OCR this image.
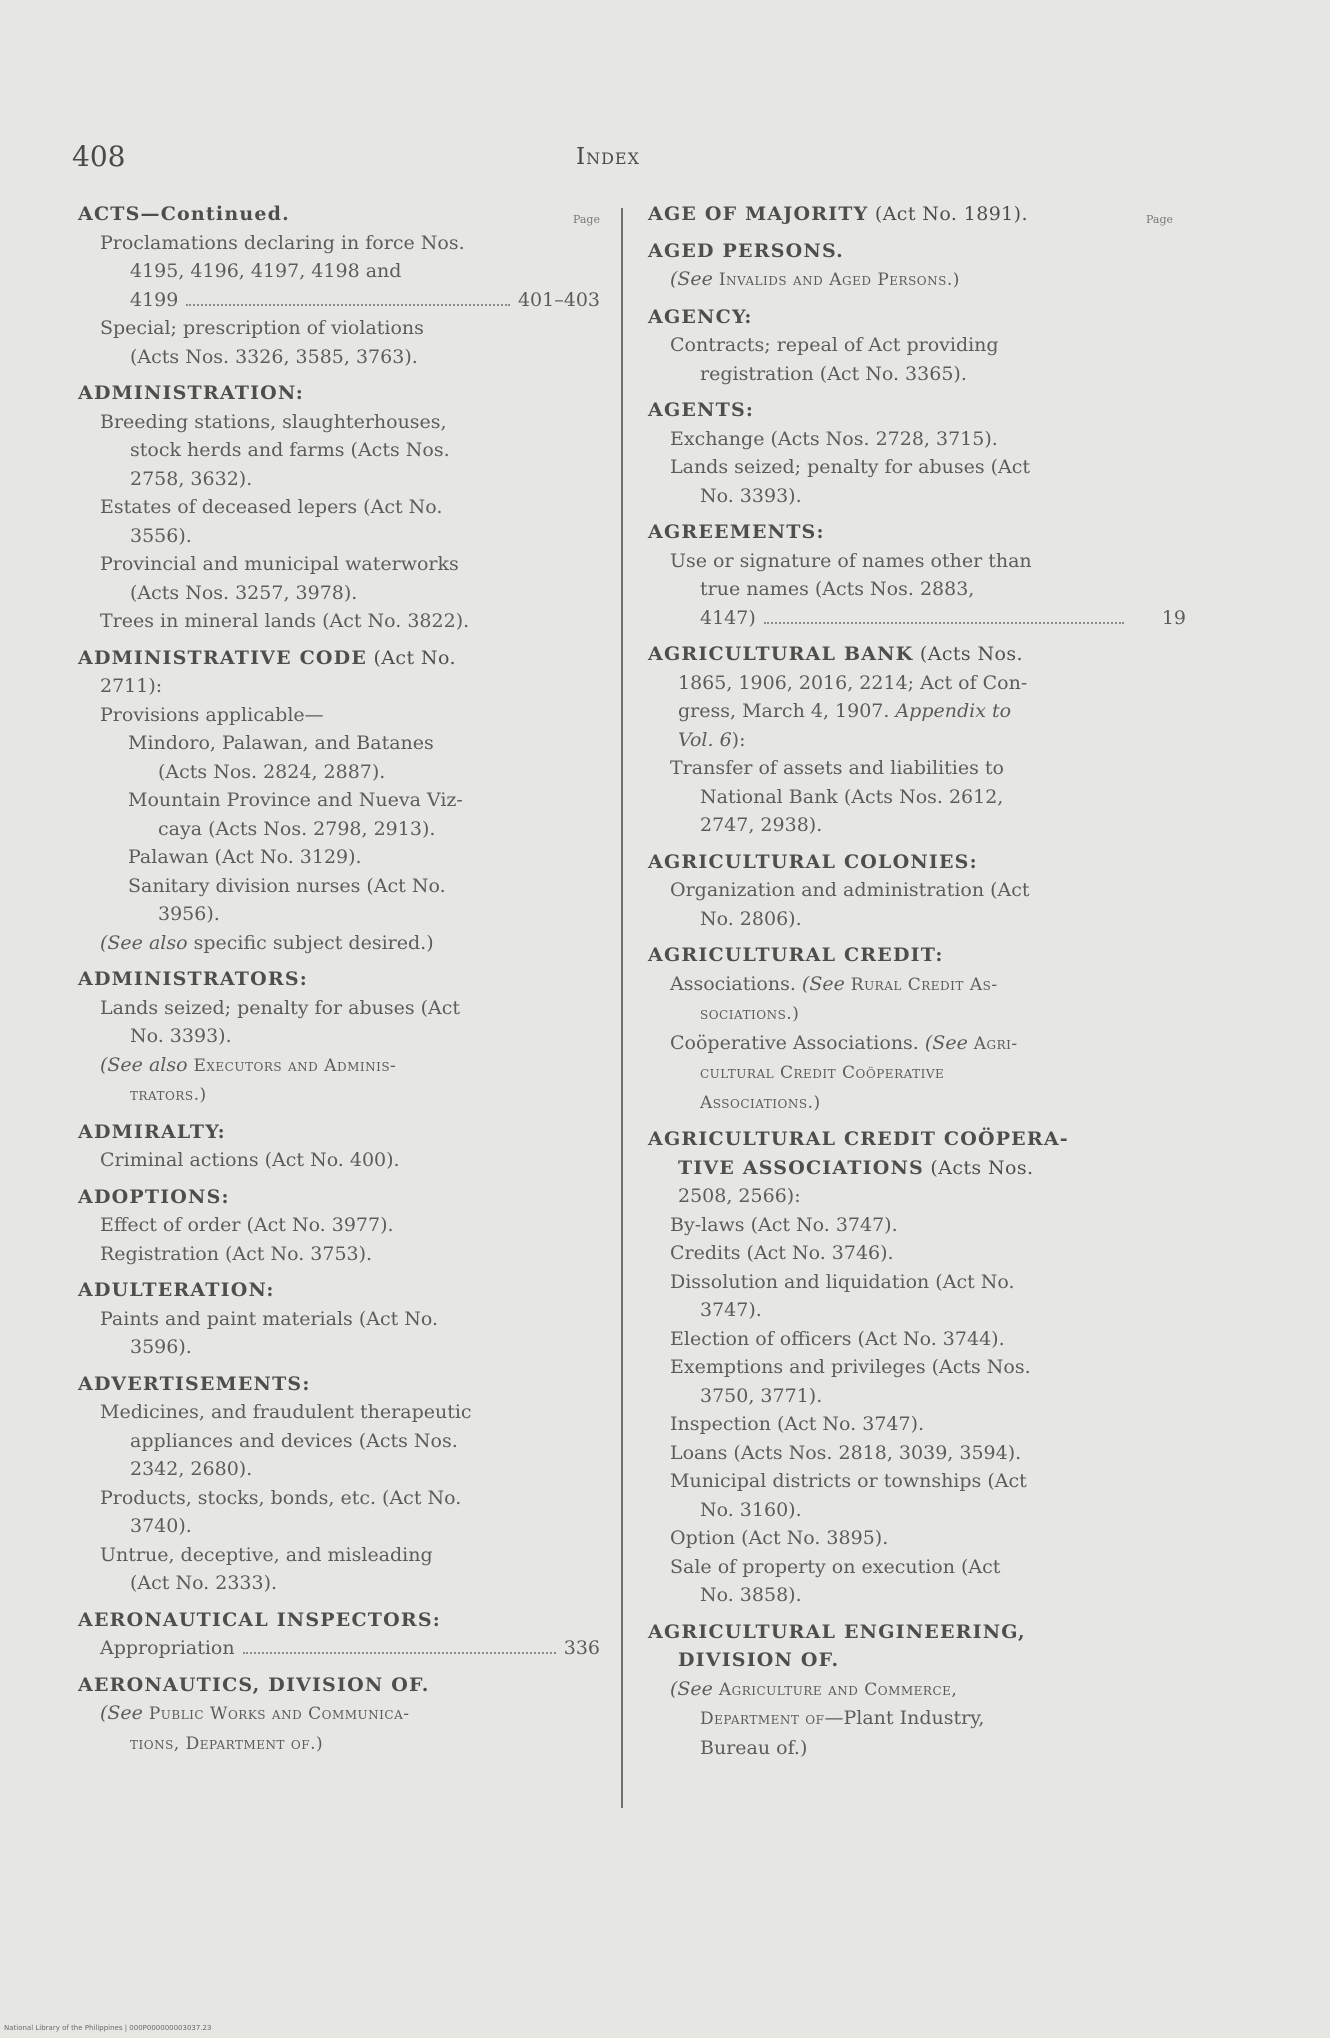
408	Index
Page
ACTS—Continued.
Proclamations declaring in force Nos.
4195, 4196, 4197, 4198 and
4199	401–403
Special; prescription of violations
(Acts Nos. 3326, 3585, 3763).
ADMINISTRATION:
Breeding stations, slaughterhouses,
stock herds and farms (Acts Nos.
2758, 3632).
Estates of deceased lepers (Act No.
3556).
Provincial and municipal waterworks
(Acts Nos. 3257, 3978).
Trees in mineral lands (Act No. 3822).
ADMINISTRATIVE CODE (Act No.
2711):
Provisions applicable—
Mindoro, Palawan, and Batanes
(Acts Nos. 2824, 2887).
Mountain Province and Nueva Viz-
caya (Acts Nos. 2798, 2913).
Palawan (Act No. 3129).
Sanitary division nurses (Act No.
3956).
(See also specific subject desired.)
ADMINISTRATORS:
Lands seized; penalty for abuses (Act
No. 3393).
(See also Executors and Adminis-
trators.)
ADMIRALTY:
Criminal actions (Act No. 400).
ADOPTIONS:
Effect of order (Act No. 3977).
Registration (Act No. 3753).
ADULTERATION:
Paints and paint materials (Act No.
3596).
ADVERTISEMENTS:
Medicines, and fraudulent therapeutic
appliances and devices (Acts Nos.
2342, 2680).
Products, stocks, bonds, etc. (Act No.
3740).
Untrue, deceptive, and misleading
(Act No. 2333).
AERONAUTICAL INSPECTORS:
Appropriation	336
AERONAUTICS, DIVISION OF.
(See Public Works and Communica-
tions, Department of.)
Page
AGE OF MAJORITY (Act No. 1891).
AGED PERSONS.
(See Invalids and Aged Persons.)
AGENCY:
Contracts; repeal of Act providing
registration (Act No. 3365).
AGENTS:
Exchange (Acts Nos. 2728, 3715).
Lands seized; penalty for abuses (Act
No. 3393).
AGREEMENTS:
Use or signature of names other than
true names (Acts Nos. 2883,
4147)	19
AGRICULTURAL BANK (Acts Nos.
1865, 1906, 2016, 2214; Act of Con-
gress, March 4, 1907. Appendix to
Vol. 6):
Transfer of assets and liabilities to
National Bank (Acts Nos. 2612,
2747, 2938).
AGRICULTURAL COLONIES:
Organization and administration (Act
No. 2806).
AGRICULTURAL CREDIT:
Associations. (See Rural Credit As-
sociations.)
Coöperative Associations. (See Agri-
cultural Credit Coöperative
Associations.)
AGRICULTURAL CREDIT COÖPERA-
TIVE ASSOCIATIONS (Acts Nos.
2508, 2566):
By-laws (Act No. 3747).
Credits (Act No. 3746).
Dissolution and liquidation (Act No.
3747).
Election of officers (Act No. 3744).
Exemptions and privileges (Acts Nos.
3750, 3771).
Inspection (Act No. 3747).
Loans (Acts Nos. 2818, 3039, 3594).
Municipal districts or townships (Act
No. 3160).
Option (Act No. 3895).
Sale of property on execution (Act
No. 3858).
AGRICULTURAL ENGINEERING,
DIVISION OF.
(See Agriculture and Commerce,
Department of—Plant Industry,
Bureau of.)
National Library of the Philippines | 000P000000003037.23
